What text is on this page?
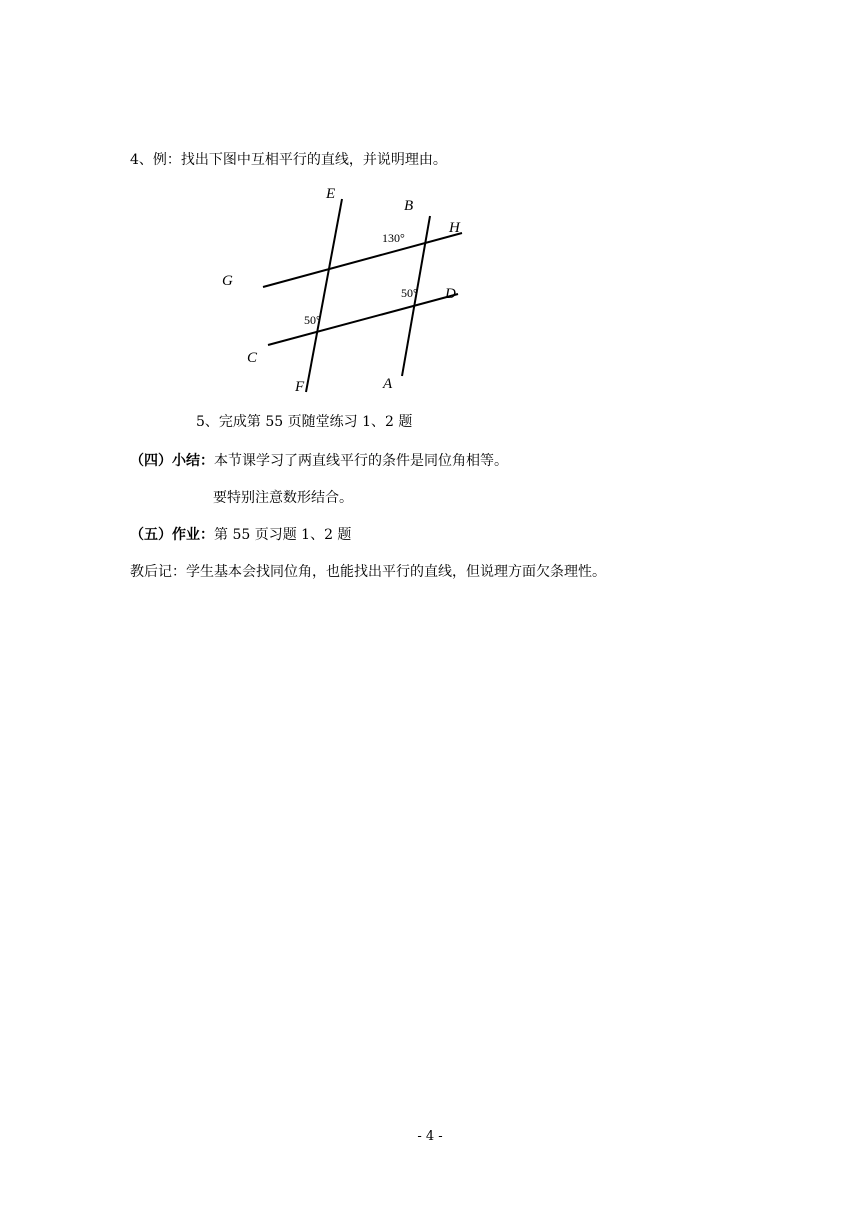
4、例：找出下图中互相平行的直线，并说明理由。
E
B
H
G
D
C
F	A
130°
50°
50°
5、完成第 55 页随堂练习 1、2 题
（四）小结：本节课学习了两直线平行的条件是同位角相等。
要特别注意数形结合。
（五）作业：第 55 页习题 1、2 题
教后记：学生基本会找同位角，也能找出平行的直线，但说理方面欠条理性。
- 4 -
